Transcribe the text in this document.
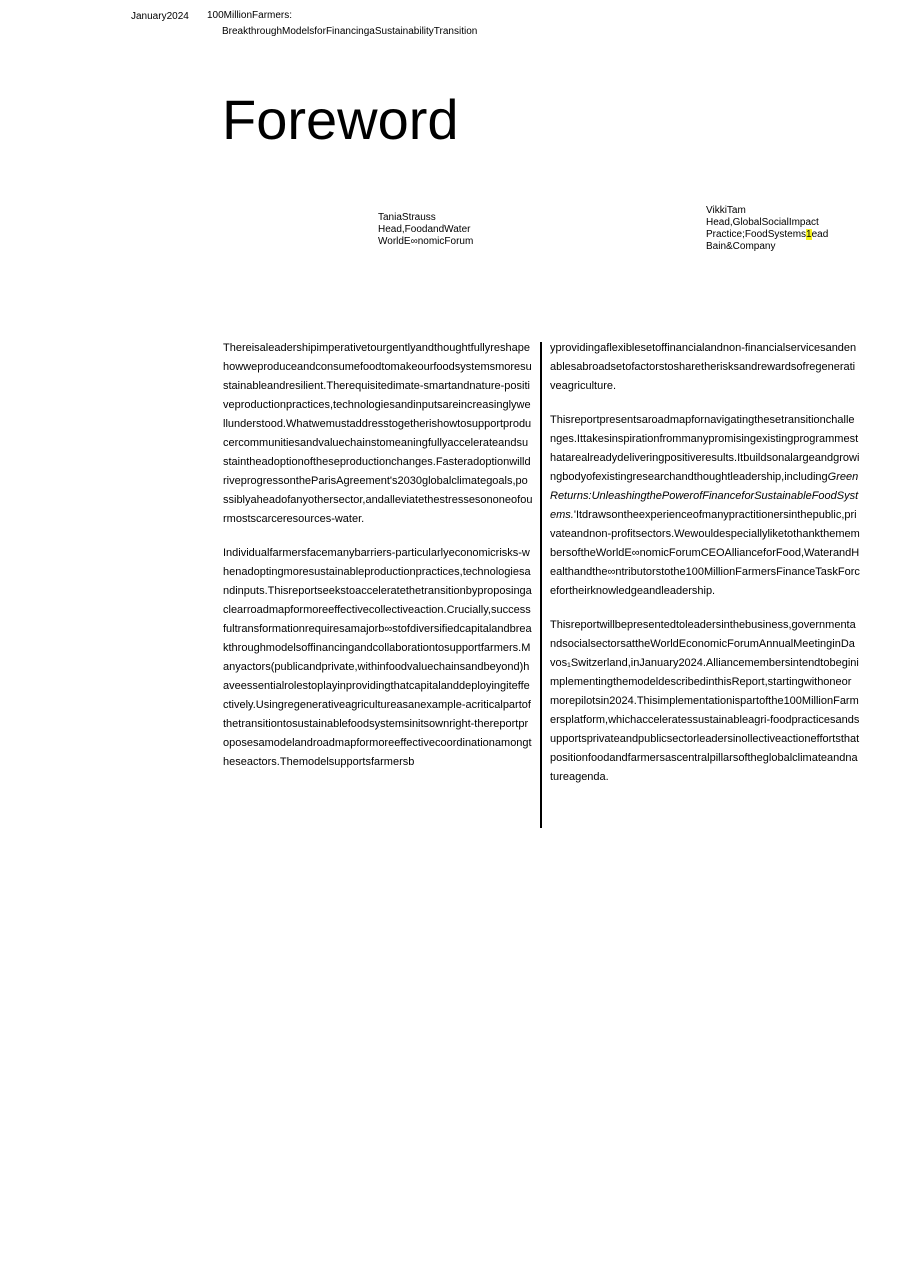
January2024 100MillionFarmers:
BreakthroughModelsforFinancingaSustainabilityTransition
Foreword
TaniaStrauss
Head,FoodandWater
WorldE∞nomicForum
VikkiTam
Head,GlobalSocialImpact
Practice;FoodSystems1ead
Bain&Company

Thereisaleadershipimperativetourgentlyandthoughtfullyreshapehowweproduceandconsumefoodtomakeourfoodsystemsmoresustainableandresilient.Therequisitedimate-smartandnature-positiveproductionpractices,technologiesandinputsareincreasinglywellunderstood.Whatwemustaddresstogetherishowtosupportproducercommunitiesandvaluechainstomeaningfullyaccelerateandsustaintheadoptionoftheseproductionchanges.FasteradoptionwilldriveprogressontheParisAgreement's2030globalclimategoals,possiblyaheadofanyothersector,andalleviatethestressesononeofourmostscarceresources-water.

Individualfarmersfacemanybarriers-particularlyeconomicrisks-whenadoptingmoresustainableproductionpractices,technologiesandinputs.Thisreportseekstoacceleratethetransitionbyproposingaclearroadmapformoreeffectivecollectiveaction.Crucially,successfultransformationrequiresamajorb∞stofdiversifiedcapitalandbreakthroughmodelsoffinancingandcollaborationtosupportfarmers.Manyactors(publicandprivate,withinfoodvaluechainsandbeyond)haveessentialrolestoplayinprovidingthatcapitalanddeployingiteffectively.Usingregenerativeagricultureasanexample-acriticalpartofthetransitiontosustainablefoodsystemsinitsownright-thereportproposesamodelandroadmapformoreeffectivecoordinationamongtheseactors.Themodelsupportsfarmersb

yprovidingaflexiblesetoffinancialandnon-financialservicesandenablesabroadsetofactorstosharetherisksandrewardsofregenerativeagriculture.

Thisreportpresentsaroadmapfornavigatingthesetransitionchallenges.Ittakesinspirationfrommanypromisingexistingprogrammesthatarealreadydeliveringpositiveresults.Itbuildsonalargeandgrowingbodyofexistingresearchandthoughtleadership,includingGreenReturns:UnleashingthePowerofFinanceforSustainableFoodSystems.'Itdrawsontheexperienceofmanypractitionersinthepublic,privateandnon-profitsectors.WewouldespeciallyliketothankthemembersoftheWorldE∞nomicForumCEOAllianceforFood,WaterandHealthandthe∞ntributorstothe100MillionFarmersFinanceTaskForcefortheirknowledgeandleadership.

Thisreportwillbepresentedtoleadersinthebusiness,governmentandsocialsectorsattheWorldEconomicForumAnnualMeetinginDavos₁Switzerland,inJanuary2024.AlliancemembersintendtobeginimplementingthemodeldescribedinthisReport,startingwithoneormorepilotsin2024.Thisimplementationispartofthe100MillionFarmersplatform,whichacceleratessustainableagri-foodpracticesandsupportsprivateandpublicsectorleadersinollectiveactioneffortsthatpositionfoodandfarmersascentralpillarsoftheglobalclimateandnatureagenda.
